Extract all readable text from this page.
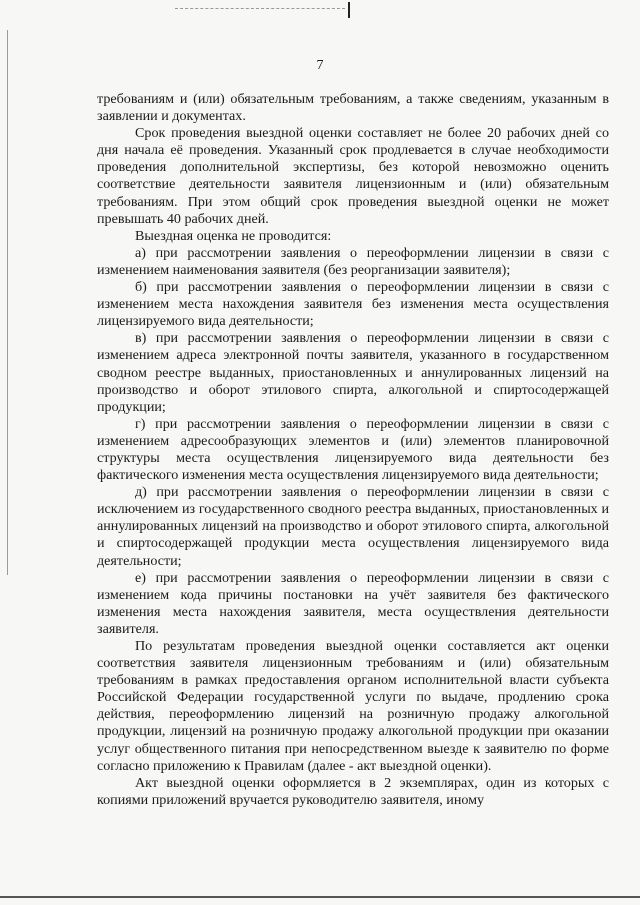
7

требованиям и (или) обязательным требованиям, а также сведениям, указанным в заявлении и документах.

Срок проведения выездной оценки составляет не более 20 рабочих дней со дня начала её проведения. Указанный срок продлевается в случае необходимости проведения дополнительной экспертизы, без которой невозможно оценить соответствие деятельности заявителя лицензионным и (или) обязательным требованиям. При этом общий срок проведения выездной оценки не может превышать 40 рабочих дней.

Выездная оценка не проводится:

а) при рассмотрении заявления о переоформлении лицензии в связи с изменением наименования заявителя (без реорганизации заявителя);

б) при рассмотрении заявления о переоформлении лицензии в связи с изменением места нахождения заявителя без изменения места осуществления лицензируемого вида деятельности;

в) при рассмотрении заявления о переоформлении лицензии в связи с изменением адреса электронной почты заявителя, указанного в государственном сводном реестре выданных, приостановленных и аннулированных лицензий на производство и оборот этилового спирта, алкогольной и спиртосодержащей продукции;

г) при рассмотрении заявления о переоформлении лицензии в связи с изменением адресообразующих элементов и (или) элементов планировочной структуры места осуществления лицензируемого вида деятельности без фактического изменения места осуществления лицензируемого вида деятельности;

д) при рассмотрении заявления о переоформлении лицензии в связи с исключением из государственного сводного реестра выданных, приостановленных и аннулированных лицензий на производство и оборот этилового спирта, алкогольной и спиртосодержащей продукции места осуществления лицензируемого вида деятельности;

е) при рассмотрении заявления о переоформлении лицензии в связи с изменением кода причины постановки на учёт заявителя без фактического изменения места нахождения заявителя, места осуществления деятельности заявителя.

По результатам проведения выездной оценки составляется акт оценки соответствия заявителя лицензионным требованиям и (или) обязательным требованиям в рамках предоставления органом исполнительной власти субъекта Российской Федерации государственной услуги по выдаче, продлению срока действия, переоформлению лицензий на розничную продажу алкогольной продукции, лицензий на розничную продажу алкогольной продукции при оказании услуг общественного питания при непосредственном выезде к заявителю по форме согласно приложению к Правилам (далее - акт выездной оценки).

Акт выездной оценки оформляется в 2 экземплярах, один из которых с копиями приложений вручается руководителю заявителя, иному
